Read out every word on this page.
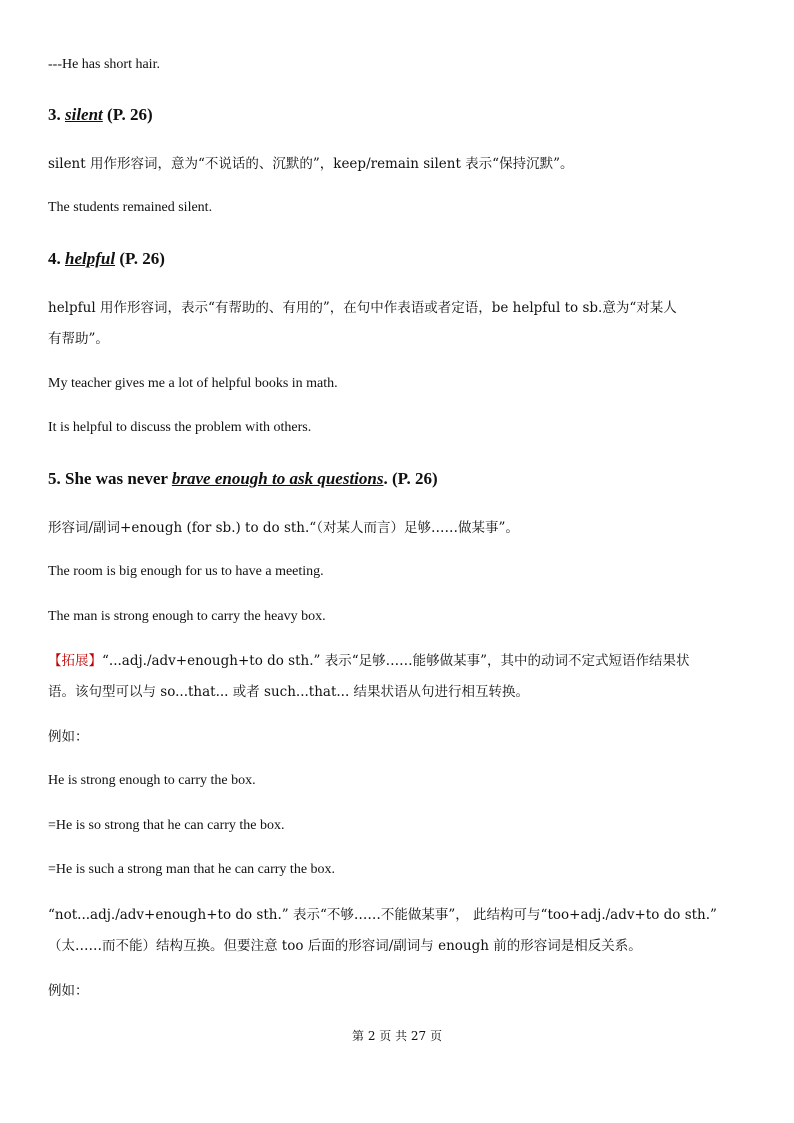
---He has short hair.
3. silent (P. 26)
silent 用作形容词，意为“不说话的、沉默的”，keep/remain silent 表示“保持沉默”。
The students remained silent.
4. helpful (P. 26)
helpful 用作形容词，表示“有帮助的、有用的”，在句中作表语或者定语，be helpful to sb.意为“对某人
有帮助”。
My teacher gives me a lot of helpful books in math.
It is helpful to discuss the problem with others.
5. She was never brave enough to ask questions. (P. 26)
形容词/副词+enough (for sb.) to do sth.“（对某人而言）足够……做某事”。
The room is big enough for us to have a meeting.
The man is strong enough to carry the heavy box.
【拓展】“...adj./adv+enough+to do sth.” 表示“足够……能够做某事”，其中的动词不定式短语作结果状
语。该句型可以与 so...that... 或者 such...that... 结果状语从句进行相互转换。
例如：
He is strong enough to carry the box.
=He is so strong that he can carry the box.
=He is such a strong man that he can carry the box.
“not...adj./adv+enough+to do sth.” 表示“不够……不能做某事”， 此结构可与“too+adj./adv+to do sth.”
（太……而不能）结构互换。但要注意 too 后面的形容词/副词与 enough 前的形容词是相反关系。
例如：
第 2 页 共 27 页
